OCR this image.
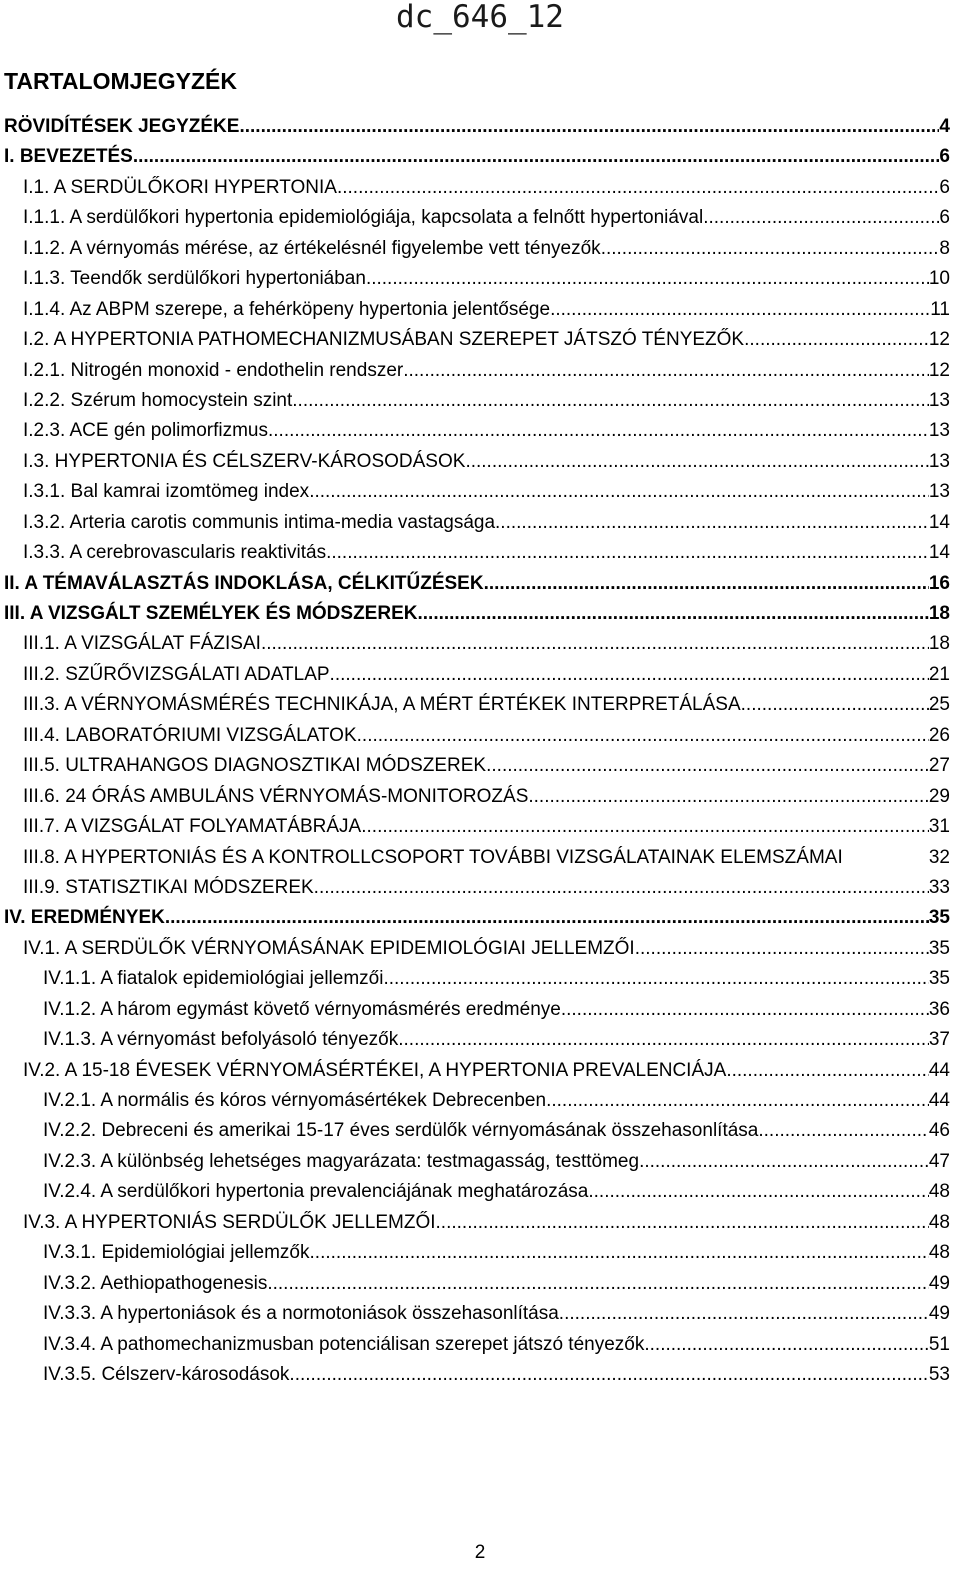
dc_646_12
TARTALOMJEGYZÉK
RÖVIDÍTÉSEK JEGYZÉKE .....	4
I. BEVEZETÉS .....	6
I.1. A SERDÜLŐKORI HYPERTONIA .....	6
I.1.1. A serdülőkori hypertonia epidemiológiája, kapcsolata a felnőtt hypertoniával .....	6
I.1.2. A vérnyomás mérése, az értékelésnél figyelembe vett tényezők .....	8
I.1.3. Teendők serdülőkori hypertoniában .....	10
I.1.4. Az ABPM szerepe, a fehérköpeny hypertonia jelentősége .....	11
I.2. A HYPERTONIA PATHOMECHANIZMUSÁBAN SZEREPET JÁTSZÓ TÉNYEZŐK .....	12
I.2.1. Nitrogén monoxid - endothelin rendszer .....	12
I.2.2. Szérum homocystein szint .....	13
I.2.3. ACE gén polimorfizmus .....	13
I.3. HYPERTONIA ÉS CÉLSZERV-KÁROSODÁSOK .....	13
I.3.1. Bal kamrai izomtömeg index .....	13
I.3.2. Arteria carotis communis intima-media vastagsága .....	14
I.3.3. A cerebrovascularis reaktivitás .....	14
II. A TÉMAVÁLASZTÁS INDOKLÁSA, CÉLKITŰZÉSEK .....	16
III. A VIZSGÁLT SZEMÉLYEK ÉS MÓDSZEREK .....	18
III.1. A VIZSGÁLAT FÁZISAI .....	18
III.2. SZŰRŐVIZSGÁLATI ADATLAP .....	21
III.3. A VÉRNYOMÁSMÉRÉS TECHNIKÁJA, A MÉRT ÉRTÉKEK INTERPRETÁLÁSA .....	25
III.4. LABORATÓRIUMI VIZSGÁLATOK .....	26
III.5. ULTRAHANGOS DIAGNOSZTIKAI MÓDSZEREK .....	27
III.6. 24 ÓRÁS AMBULÁNS VÉRNYOMÁS-MONITOROZÁS .....	29
III.7. A VIZSGÁLAT FOLYAMATÁBRÁJA .....	31
III.8. A HYPERTONIÁS ÉS A KONTROLLCSOPORT TOVÁBBI VIZSGÁLATAINAK ELEMSZÁMAI	32
III.9. STATISZTIKAI MÓDSZEREK .....	33
IV. EREDMÉNYEK .....	35
IV.1. A SERDÜLŐK VÉRNYOMÁSÁNAK EPIDEMIOLÓGIAI JELLEMZŐI .....	35
IV.1.1. A fiatalok epidemiológiai jellemzői .....	35
IV.1.2. A három egymást követő vérnyomásmérés eredménye .....	36
IV.1.3. A vérnyomást befolyásoló tényezők .....	37
IV.2. A 15-18 ÉVESEK VÉRNYOMÁSÉRTÉKEI, A HYPERTONIA PREVALENCIÁJA .....	44
IV.2.1. A normális és kóros vérnyomásértékek Debrecenben .....	44
IV.2.2. Debreceni és amerikai 15-17 éves serdülők vérnyomásának összehasonlítása .....	46
IV.2.3. A különbség lehetséges magyarázata: testmagasság, testtömeg .....	47
IV.2.4. A serdülőkori hypertonia prevalenciájának meghatározása .....	48
IV.3. A HYPERTONIÁS SERDÜLŐK JELLEMZŐI .....	48
IV.3.1. Epidemiológiai jellemzők .....	48
IV.3.2. Aethiopathogenesis .....	49
IV.3.3. A hypertoniások és a normotoniások összehasonlítása .....	49
IV.3.4. A pathomechanizmusban potenciálisan szerepet játszó tényezők .....	51
IV.3.5. Célszerv-károsodások .....	53
2
